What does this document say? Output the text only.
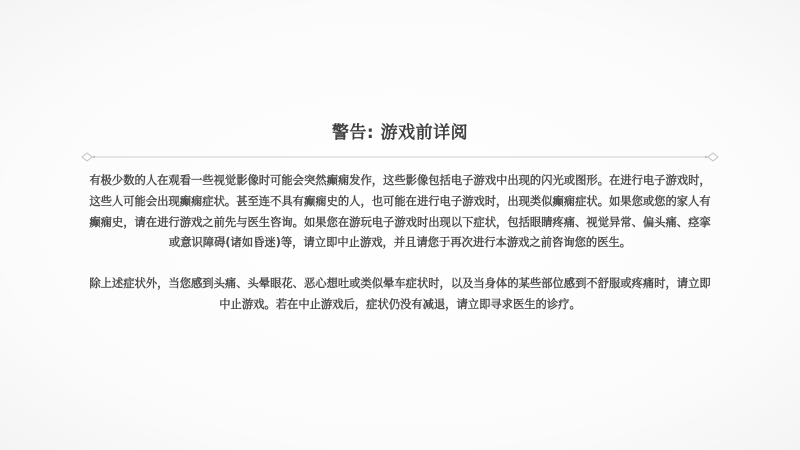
警告: 游戏前详阅

有极少数的人在观看一些视觉影像时可能会突然癫痫发作，这些影像包括电子游戏中出现的闪光或图形。在进行电子游戏时，这些人可能会出现癫痫症状。甚至连不具有癫痫史的人，也可能在进行电子游戏时，出现类似癫痫症状。如果您或您的家人有癫痫史，请在进行游戏之前先与医生咨询。如果您在游玩电子游戏时出现以下症状，包括眼睛疼痛、视觉异常、偏头痛、痉挛或意识障碍(诸如昏迷)等，请立即中止游戏，并且请您于再次进行本游戏之前咨询您的医生。

除上述症状外，当您感到头痛、头晕眼花、恶心想吐或类似晕车症状时，以及当身体的某些部位感到不舒服或疼痛时，请立即中止游戏。若在中止游戏后，症状仍没有减退，请立即寻求医生的诊疗。
